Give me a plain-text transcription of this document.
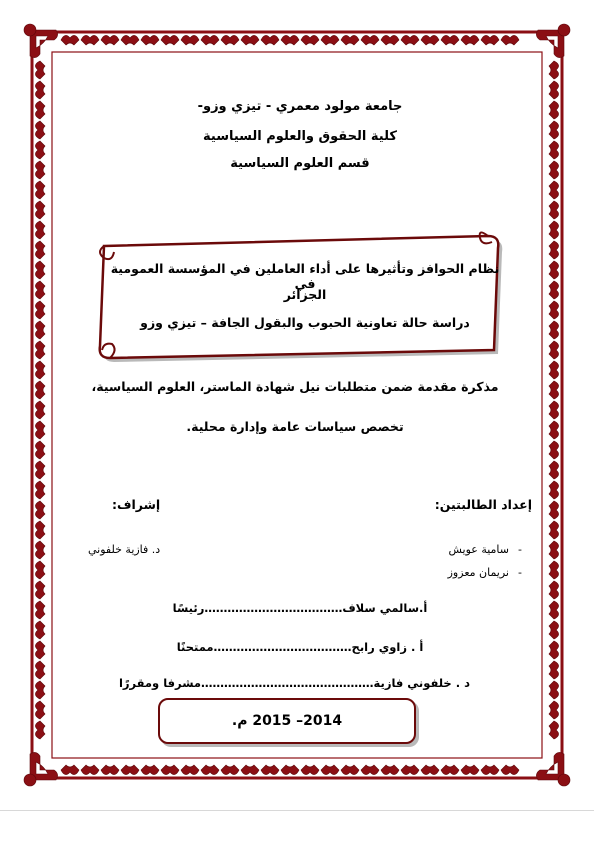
جامعة مولود معمري - تيزي وزو-
كلية الحقوق والعلوم السياسية
قسم العلوم السياسية
نظام الحوافز وتأثيرها على أداء العاملين في المؤسسة العمومية في
الجزائر
دراسة حالة تعاونية الحبوب والبقول الجافة – تيزي وزو
مذكرة مقدمة ضمن متطلبات نيل شهادة الماستر، العلوم السياسية،
تخصص سياسات عامة وإدارة محلية.
إعداد الطالبتين:
إشراف:
سامية عويش -
نريمان معزوز -
د. فازية خلفوني
أ.سالمي سلاف………………………………رئيسًا
أ . زاوي رابح………………………………ممتحنًا
د . خلفوني فازية………………………………………مشرفا ومقررًا
2014– 2015 م.
